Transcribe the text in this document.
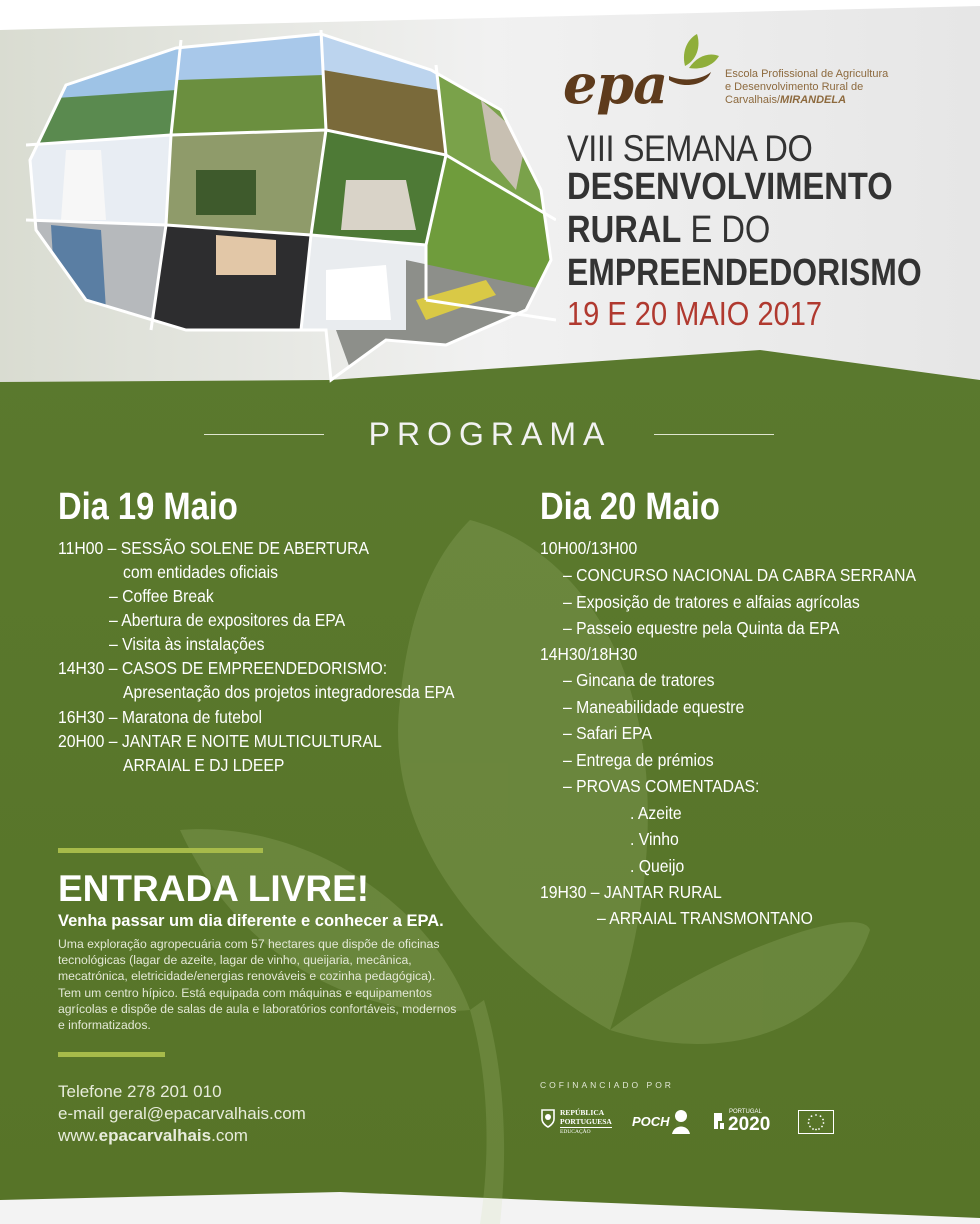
epa	Escola Profissional de Agricultura
e Desenvolvimento Rural de
Carvalhais/MIRANDELA
VIII SEMANA DO
DESENVOLVIMENTO
RURAL E DO
EMPREENDEDORISMO
19 E 20 MAIO 2017
PROGRAMA
Dia 19 Maio
11H00 – SESSÃO SOLENE DE ABERTURA
com entidades oficiais
– Coffee Break
– Abertura de expositores da EPA
– Visita às instalações
14H30 – CASOS DE EMPREENDEDORISMO:
Apresentação dos projetos integradoresda EPA
16H30 – Maratona de futebol
20H00 – JANTAR E NOITE MULTICULTURAL
ARRAIAL E DJ LDEEP
Dia 20 Maio
10H00/13H00
– CONCURSO NACIONAL DA CABRA SERRANA
– Exposição de tratores e alfaias agrícolas
– Passeio equestre pela Quinta da EPA
14H30/18H30
– Gincana de tratores
– Maneabilidade equestre
– Safari EPA
– Entrega de prémios
– PROVAS COMENTADAS:
. Azeite
. Vinho
. Queijo
19H30 – JANTAR RURAL
– ARRAIAL TRANSMONTANO
ENTRADA LIVRE!
Venha passar um dia diferente e conhecer a EPA.
Uma exploração agropecuária com 57 hectares que dispõe de oficinas tecnológicas (lagar de azeite, lagar de vinho, queijaria, mecânica, mecatrónica, eletricidade/energias renováveis e cozinha pedagógica). Tem um centro hípico. Está equipada com máquinas e equipamentos agrícolas e dispõe de salas de aula e laboratórios confortáveis, modernos e informatizados.
Telefone 278 201 010
e-mail geral@epacarvalhais.com
www.epacarvalhais.com
COFINANCIADO POR
REPÚBLICA
PORTUGUESA
EDUCAÇÃO
POCH
PORTUGAL
2020
